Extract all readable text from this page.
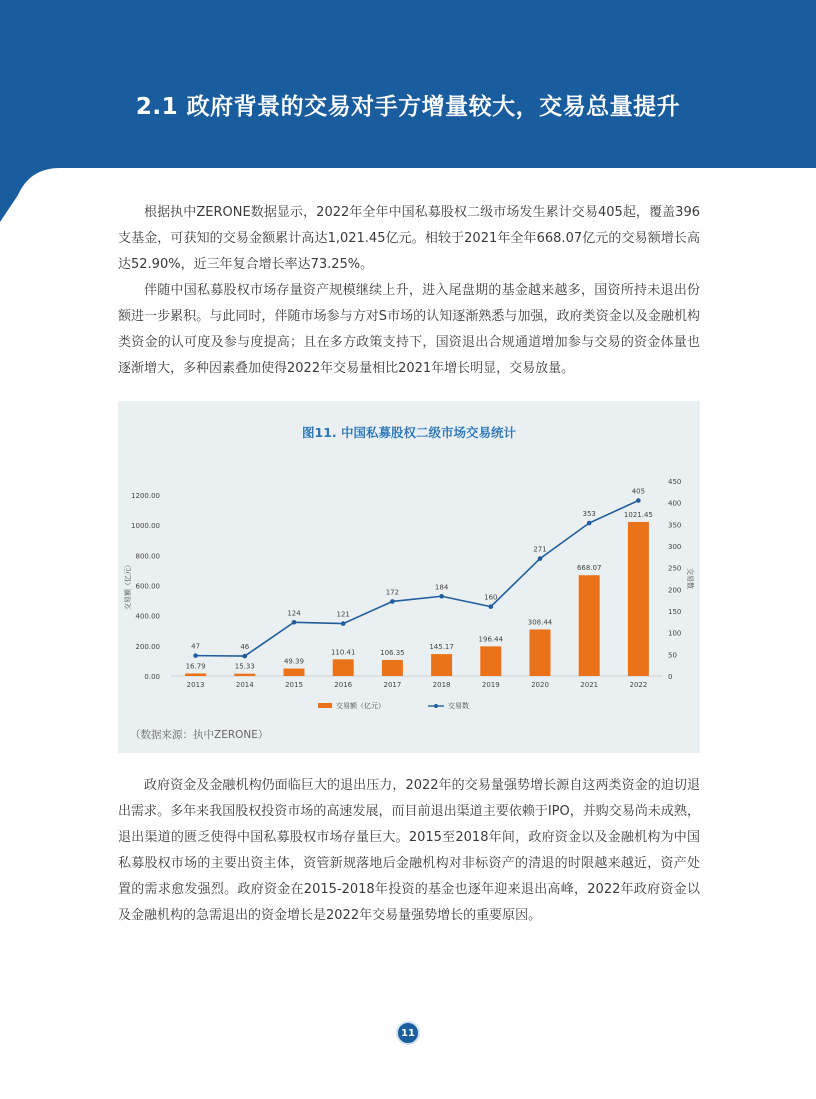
2.1 政府背景的交易对手方增量较大，交易总量提升

根据执中ZERONE数据显示，2022年全年中国私募股权二级市场发生累计交易405起，覆盖396支基金，可获知的交易金额累计高达1,021.45亿元。相较于2021年全年668.07亿元的交易额增长高达52.90%，近三年复合增长率达73.25%。

伴随中国私募股权市场存量资产规模继续上升，进入尾盘期的基金越来越多，国资所持未退出份额进一步累积。与此同时，伴随市场参与方对S市场的认知逐渐熟悉与加强，政府类资金以及金融机构类资金的认可度及参与度提高；且在多方政策支持下，国资退出合规通道增加参与交易的资金体量也逐渐增大，多种因素叠加使得2022年交易量相比2021年增长明显，交易放量。

图11. 中国私募股权二级市场交易统计
0.00
200.00
400.00
600.00
800.00
1000.00
1200.00
0
50
100
150
200
250
300
350
400
450
交易额（亿元）	交易数
16.79	15.33
49.39
110.41	106.35
145.17
196.44
308.44
668.07
1021.45
47	46
124	121
172
184
160
271
353
405
2013	2014	2015	2016	2017	2018	2019	2020	2021	2022
交易额（亿元）	交易数
（数据来源：执中ZERONE）

政府资金及金融机构仍面临巨大的退出压力，2022年的交易量强势增长源自这两类资金的迫切退出需求。多年来我国股权投资市场的高速发展，而目前退出渠道主要依赖于IPO，并购交易尚未成熟，退出渠道的匮乏使得中国私募股权市场存量巨大。2015至2018年间，政府资金以及金融机构为中国私募股权市场的主要出资主体，资管新规落地后金融机构对非标资产的清退的时限越来越近，资产处置的需求愈发强烈。政府资金在2015-2018年投资的基金也逐年迎来退出高峰，2022年政府资金以及金融机构的急需退出的资金增长是2022年交易量强势增长的重要原因。

11
